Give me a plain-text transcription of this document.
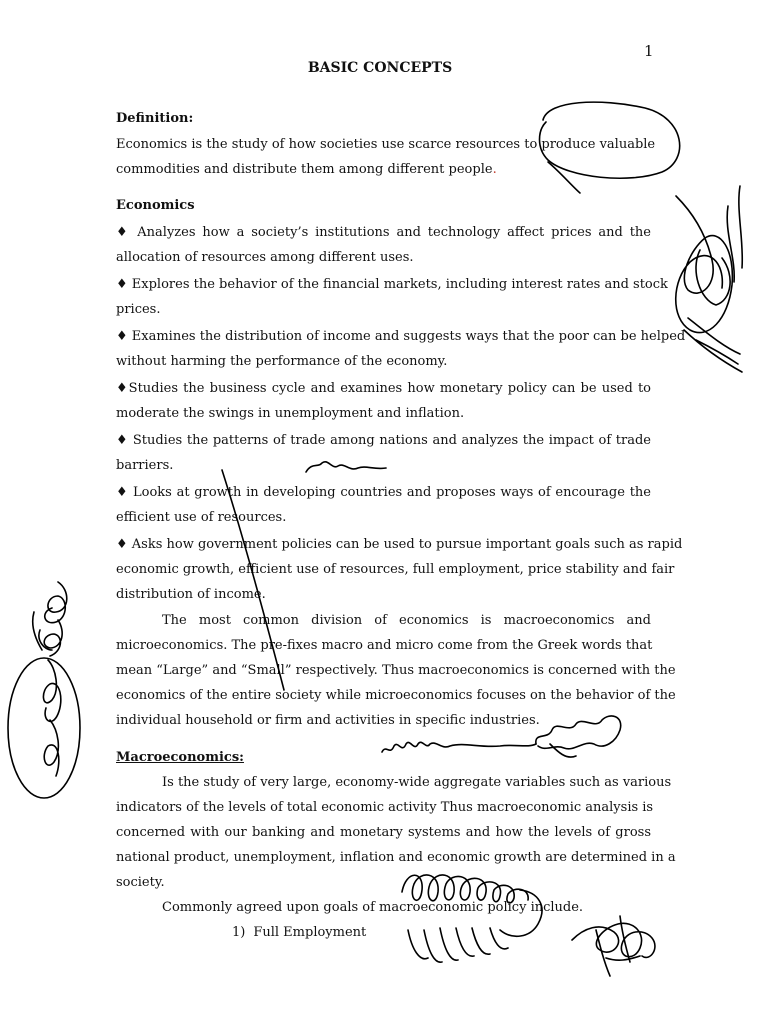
1
BASIC CONCEPTS
Definition:
Economics is the study of how societies use scarce resources to produce valuable
commodities and distribute them among different people.
Economics
♦ Analyzes how a society’s institutions and technology affect prices and the
allocation of resources among different uses.
♦ Explores the behavior of the financial markets, including interest rates and stock
prices.
♦ Examines the distribution of income and suggests ways that the poor can be helped
without harming the performance of the economy.
♦Studies the business cycle and examines how monetary policy can be used to
moderate the swings in unemployment and inflation.
♦ Studies the patterns of trade among nations and analyzes the impact of trade
barriers.
♦ Looks at growth in developing countries and proposes ways of encourage the
efficient use of resources.
♦ Asks how government policies can be used to pursue important goals such as rapid
economic growth, efficient use of resources, full employment, price stability and fair
distribution of income.
The most common division of economics is macroeconomics and
microeconomics. The pre-fixes macro and micro come from the Greek words that
mean “Large” and “Small” respectively. Thus macroeconomics is concerned with the
economics of the entire society while microeconomics focuses on the behavior of the
individual household or firm and activities in specific industries.
Macroeconomics:
Is the study of very large, economy-wide aggregate variables such as various
indicators of the levels of total economic activity Thus macroeconomic analysis is
concerned with our banking and monetary systems and how the levels of gross
national product, unemployment, inflation and economic growth are determined in a
society.
Commonly agreed upon goals of macroeconomic policy include.
1) Full Employment
